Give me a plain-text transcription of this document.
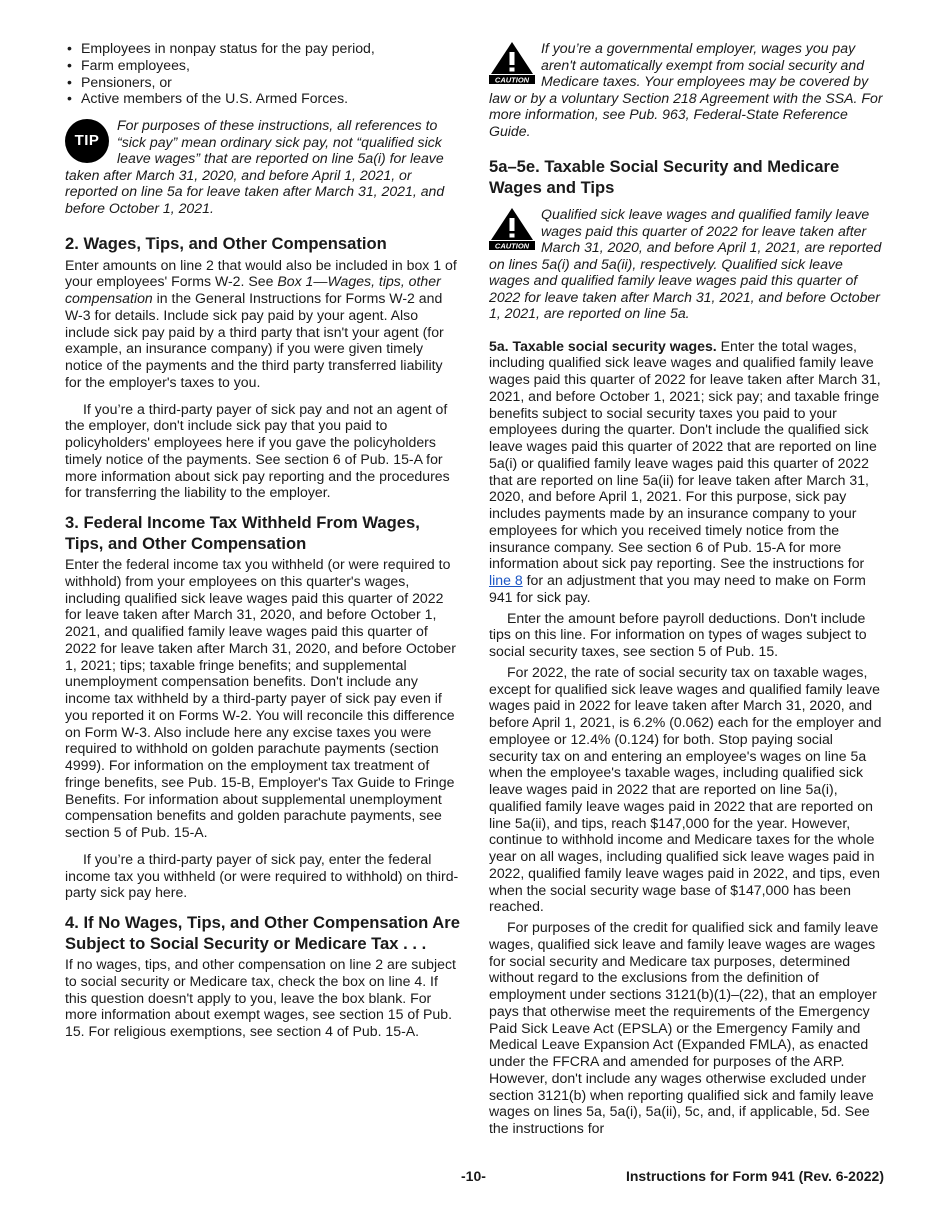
• Employees in nonpay status for the pay period,
• Farm employees,
• Pensioners, or
• Active members of the U.S. Armed Forces.
TIP

For purposes of these instructions, all references to “sick pay” mean ordinary sick pay, not “qualified sick leave wages” that are reported on line 5a(i) for leave taken after March 31, 2020, and before April 1, 2021, or reported on line 5a for leave taken after March 31, 2021, and before October 1, 2021.

2. Wages, Tips, and Other Compensation

Enter amounts on line 2 that would also be included in box 1 of your employees' Forms W-2. See Box 1—Wages, tips, other compensation in the General Instructions for Forms W-2 and W-3 for details. Include sick pay paid by your agent. Also include sick pay paid by a third party that isn't your agent (for example, an insurance company) if you were given timely notice of the payments and the third party transferred liability for the employer's taxes to you.

If you’re a third-party payer of sick pay and not an agent of the employer, don't include sick pay that you paid to policyholders' employees here if you gave the policyholders timely notice of the payments. See section 6 of Pub. 15-A for more information about sick pay reporting and the procedures for transferring the liability to the employer.

3. Federal Income Tax Withheld From Wages, Tips, and Other Compensation

Enter the federal income tax you withheld (or were required to withhold) from your employees on this quarter's wages, including qualified sick leave wages paid this quarter of 2022 for leave taken after March 31, 2020, and before October 1, 2021, and qualified family leave wages paid this quarter of 2022 for leave taken after March 31, 2020, and before October 1, 2021; tips; taxable fringe benefits; and supplemental unemployment compensation benefits. Don't include any income tax withheld by a third-party payer of sick pay even if you reported it on Forms W-2. You will reconcile this difference on Form W-3. Also include here any excise taxes you were required to withhold on golden parachute payments (section 4999). For information on the employment tax treatment of fringe benefits, see Pub. 15-B, Employer's Tax Guide to Fringe Benefits. For information about supplemental unemployment compensation benefits and golden parachute payments, see section 5 of Pub. 15-A.

If you’re a third-party payer of sick pay, enter the federal income tax you withheld (or were required to withhold) on third-party sick pay here.

4. If No Wages, Tips, and Other Compensation Are Subject to Social Security or Medicare Tax . . .

If no wages, tips, and other compensation on line 2 are subject to social security or Medicare tax, check the box on line 4. If this question doesn't apply to you, leave the box blank. For more information about exempt wages, see section 15 of Pub. 15. For religious exemptions, see section 4 of Pub. 15-A.

CAUTION

If you’re a governmental employer, wages you pay aren't automatically exempt from social security and Medicare taxes. Your employees may be covered by law or by a voluntary Section 218 Agreement with the SSA. For more information, see Pub. 963, Federal-State Reference Guide.

5a–5e. Taxable Social Security and Medicare Wages and Tips
CAUTION

Qualified sick leave wages and qualified family leave wages paid this quarter of 2022 for leave taken after March 31, 2020, and before April 1, 2021, are reported on lines 5a(i) and 5a(ii), respectively. Qualified sick leave wages and qualified family leave wages paid this quarter of 2022 for leave taken after March 31, 2021, and before October 1, 2021, are reported on line 5a.

5a. Taxable social security wages. Enter the total wages, including qualified sick leave wages and qualified family leave wages paid this quarter of 2022 for leave taken after March 31, 2021, and before October 1, 2021; sick pay; and taxable fringe benefits subject to social security taxes you paid to your employees during the quarter. Don't include the qualified sick leave wages paid this quarter of 2022 that are reported on line 5a(i) or qualified family leave wages paid this quarter of 2022 that are reported on line 5a(ii) for leave taken after March 31, 2020, and before April 1, 2021. For this purpose, sick pay includes payments made by an insurance company to your employees for which you received timely notice from the insurance company. See section 6 of Pub. 15-A for more information about sick pay reporting. See the instructions for line 8 for an adjustment that you may need to make on Form 941 for sick pay.

Enter the amount before payroll deductions. Don't include tips on this line. For information on types of wages subject to social security taxes, see section 5 of Pub. 15.

For 2022, the rate of social security tax on taxable wages, except for qualified sick leave wages and qualified family leave wages paid in 2022 for leave taken after March 31, 2020, and before April 1, 2021, is 6.2% (0.062) each for the employer and employee or 12.4% (0.124) for both. Stop paying social security tax on and entering an employee's wages on line 5a when the employee's taxable wages, including qualified sick leave wages paid in 2022 that are reported on line 5a(i), qualified family leave wages paid in 2022 that are reported on line 5a(ii), and tips, reach $147,000 for the year. However, continue to withhold income and Medicare taxes for the whole year on all wages, including qualified sick leave wages paid in 2022, qualified family leave wages paid in 2022, and tips, even when the social security wage base of $147,000 has been reached.

For purposes of the credit for qualified sick and family leave wages, qualified sick leave and family leave wages are wages for social security and Medicare tax purposes, determined without regard to the exclusions from the definition of employment under sections 3121(b)(1)–(22), that an employer pays that otherwise meet the requirements of the Emergency Paid Sick Leave Act (EPSLA) or the Emergency Family and Medical Leave Expansion Act (Expanded FMLA), as enacted under the FFCRA and amended for purposes of the ARP. However, don't include any wages otherwise excluded under section 3121(b) when reporting qualified sick and family leave wages on lines 5a, 5a(i), 5a(ii), 5c, and, if applicable, 5d. See the instructions for

-10-	Instructions for Form 941 (Rev. 6-2022)
